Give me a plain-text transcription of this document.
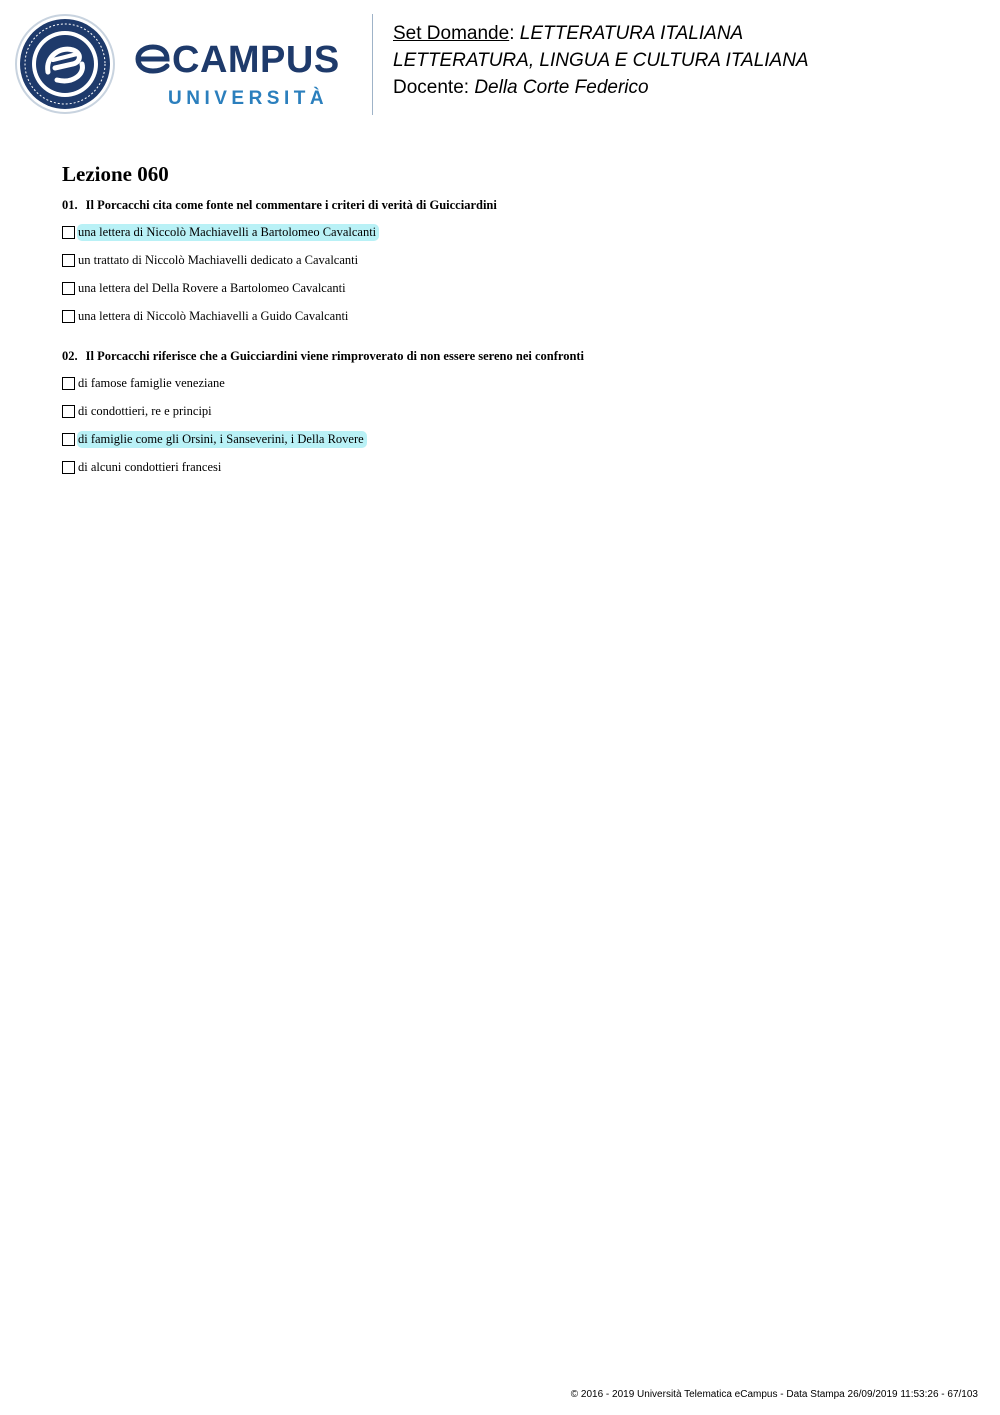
CAMPUS
UNIVERSITÀ
Set Domande: LETTERATURA ITALIANA
LETTERATURA, LINGUA E CULTURA ITALIANA
Docente: Della Corte Federico
Lezione 060
01. Il Porcacchi cita come fonte nel commentare i criteri di verità di Guicciardini
una lettera di Niccolò Machiavelli a Bartolomeo Cavalcanti
un trattato di Niccolò Machiavelli dedicato a Cavalcanti
una lettera del Della Rovere a Bartolomeo Cavalcanti
una lettera di Niccolò Machiavelli a Guido Cavalcanti
02. Il Porcacchi riferisce che a Guicciardini viene rimproverato di non essere sereno nei confronti
di famose famiglie veneziane
di condottieri, re e principi
di famiglie come gli Orsini, i Sanseverini, i Della Rovere
di alcuni condottieri francesi
© 2016 - 2019 Università Telematica eCampus - Data Stampa 26/09/2019 11:53:26 - 67/103
